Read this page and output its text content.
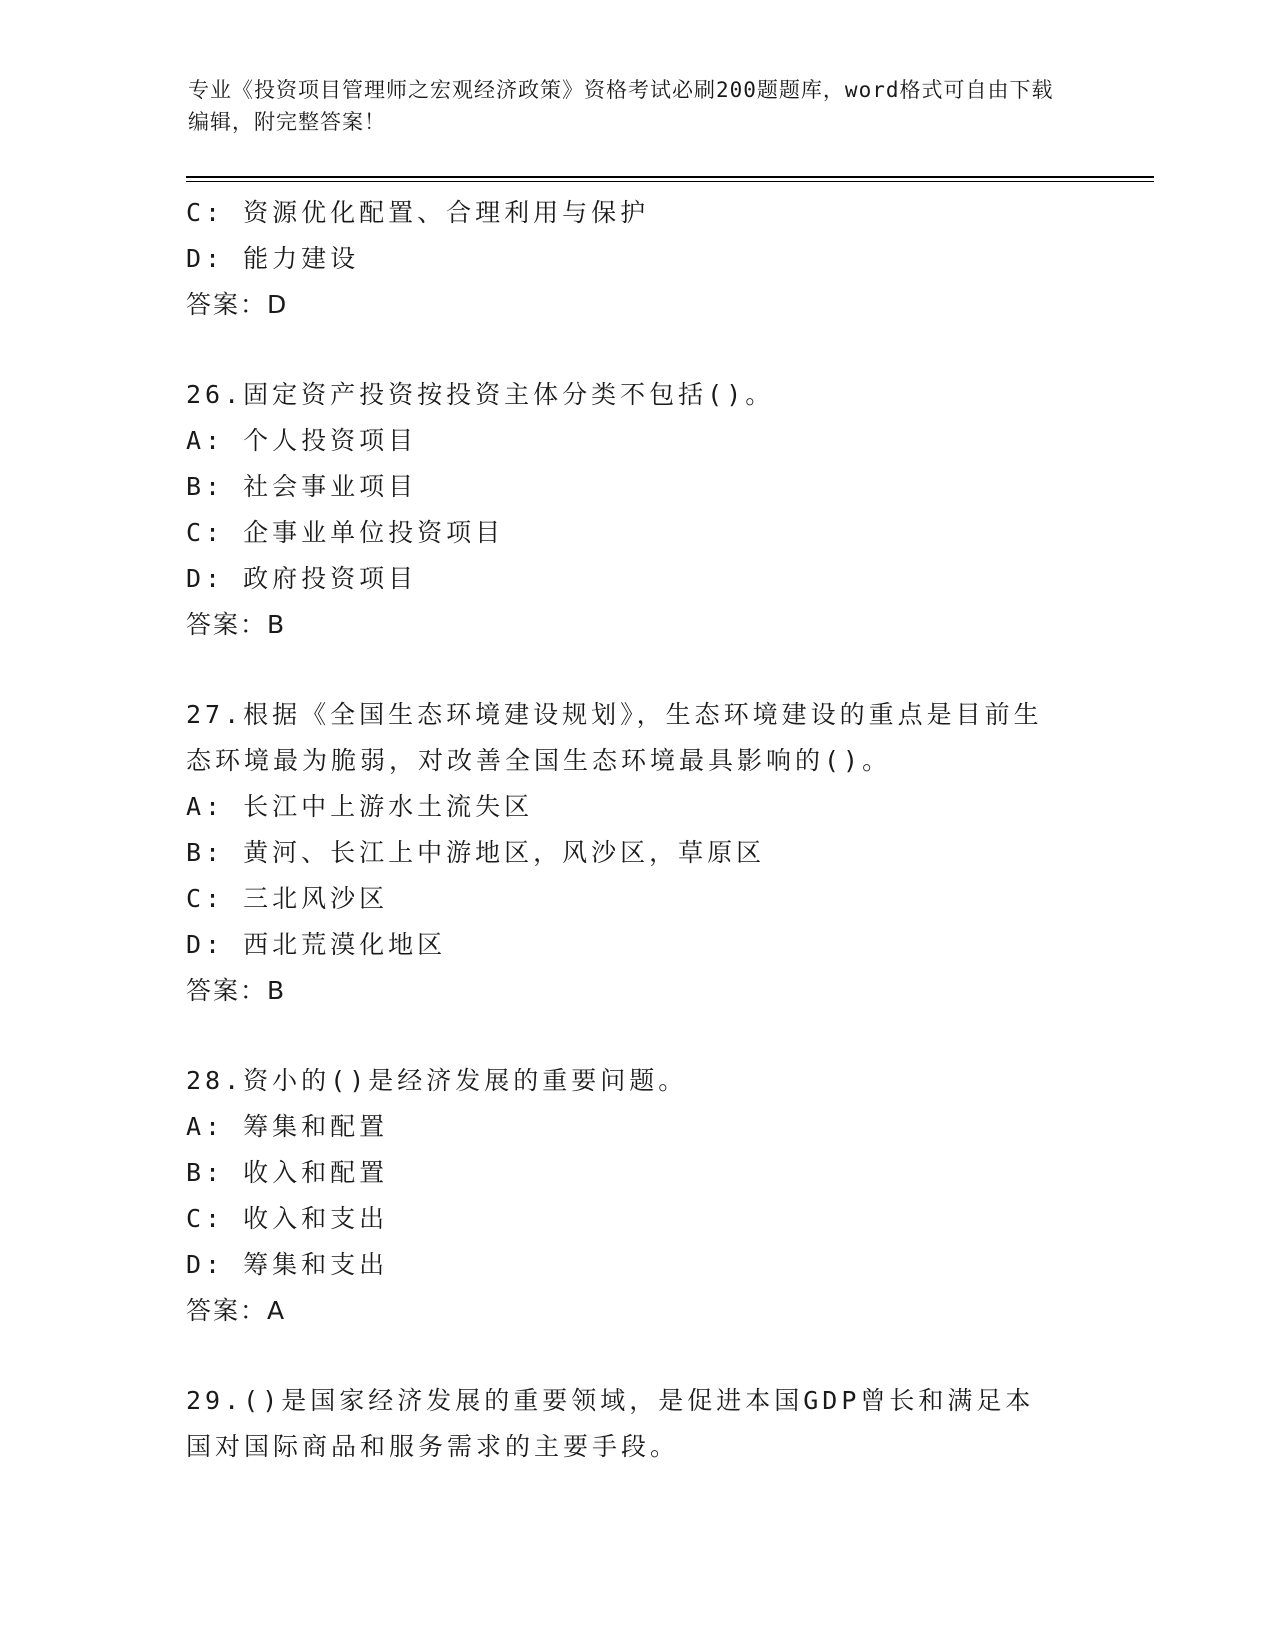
专业《投资项目管理师之宏观经济政策》资格考试必刷200题题库，word格式可自由下载编辑，附完整答案！
C: 资源优化配置、合理利用与保护
D: 能力建设
答案：D
26.固定资产投资按投资主体分类不包括()。
A: 个人投资项目
B: 社会事业项目
C: 企事业单位投资项目
D: 政府投资项目
答案：B
27.根据《全国生态环境建设规划》，生态环境建设的重点是目前生态环境最为脆弱，对改善全国生态环境最具影响的()。
A: 长江中上游水土流失区
B: 黄河、长江上中游地区，风沙区，草原区
C: 三北风沙区
D: 西北荒漠化地区
答案：B
28.资小的()是经济发展的重要问题。
A: 筹集和配置
B: 收入和配置
C: 收入和支出
D: 筹集和支出
答案：A
29.()是国家经济发展的重要领域，是促进本国GDP曾长和满足本国对国际商品和服务需求的主要手段。
